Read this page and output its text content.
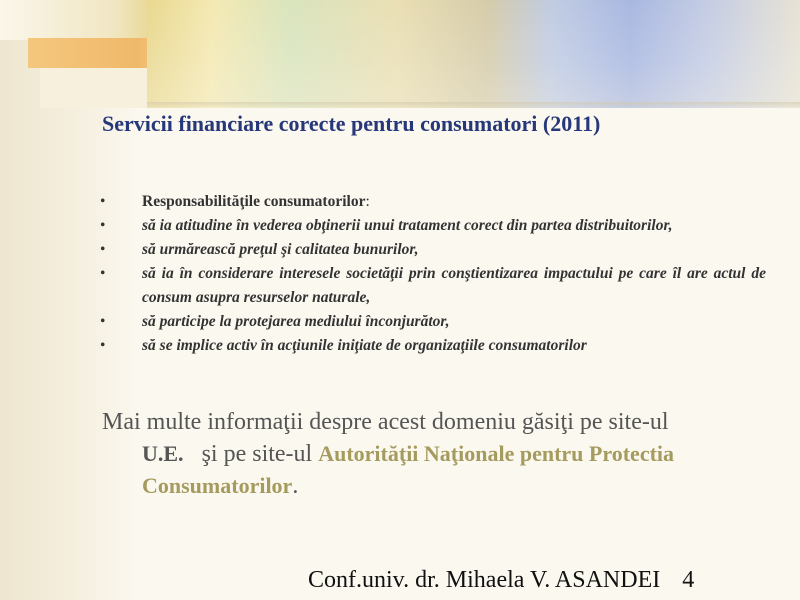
Servicii financiare corecte pentru consumatori (2011)
• Responsabilităţile consumatorilor:
• să ia atitudine în vederea obţinerii unui tratament corect din partea distribuitorilor,
• să urmărească preţul şi calitatea bunurilor,
• să ia în considerare interesele societăţii prin conştientizarea impactului pe care îl are actul de consum asupra resurselor naturale,
• să participe la protejarea mediului înconjurător,
• să se implice activ în acţiunile iniţiate de organizaţiile consumatorilor
Mai multe informaţii despre acest domeniu găsiţi pe site-ul
U.E. şi pe site-ul Autorităţii Naţionale pentru Protectia Consumatorilor.
Conf.univ. dr. Mihaela V. ASANDEI 4
